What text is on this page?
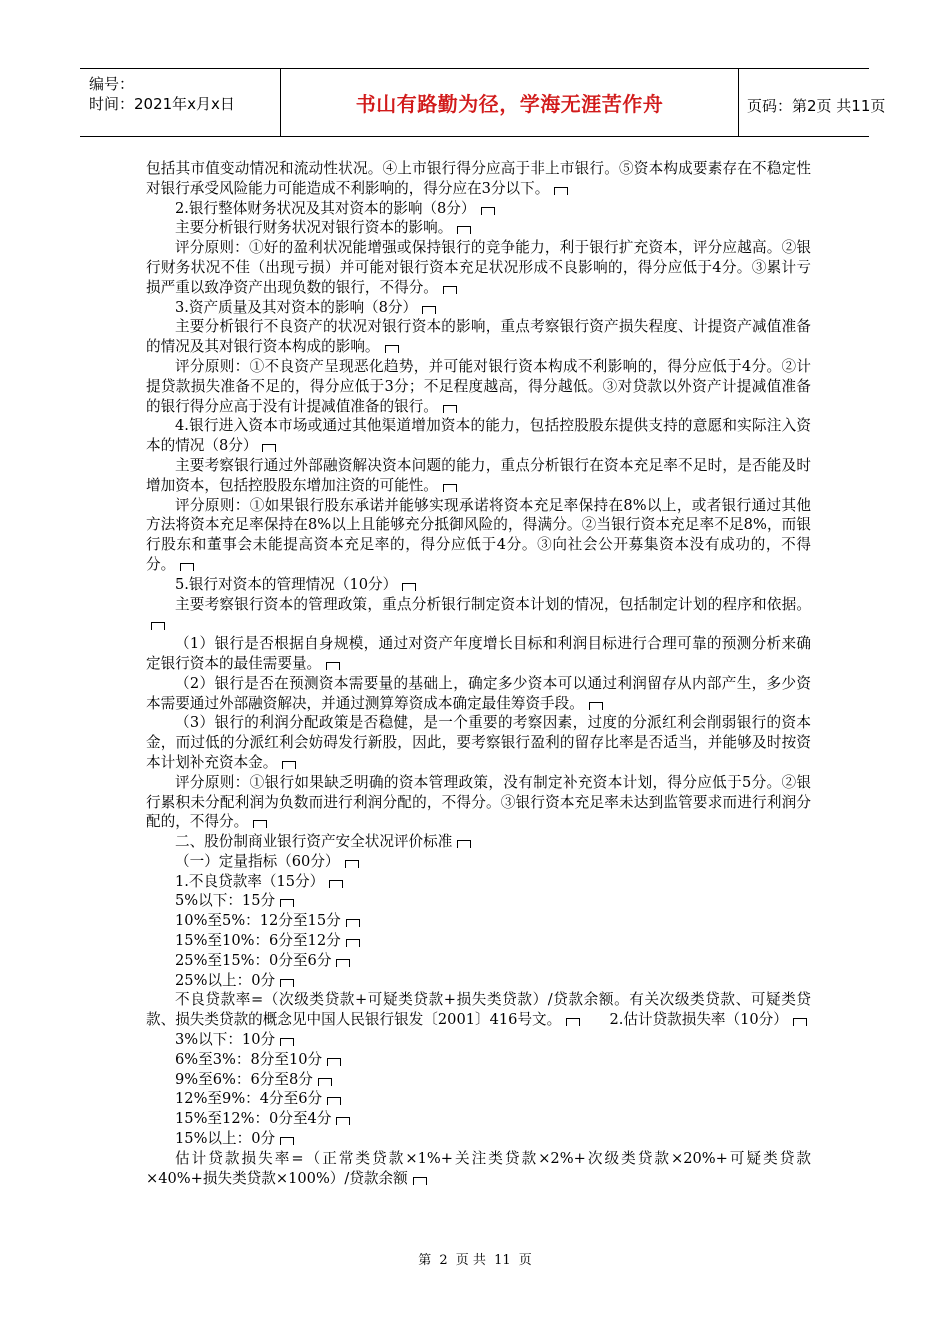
编号：
时间：2021年x月x日	书山有路勤为径，学海无涯苦作舟	页码：第2页 共11页

包括其市值变动情况和流动性状况。④上市银行得分应高于非上市银行。⑤资本构成要素存在不稳定性对银行承受风险能力可能造成不利影响的，得分应在3分以下。

2.银行整体财务状况及其对资本的影响（8分）

主要分析银行财务状况对银行资本的影响。

评分原则：①好的盈利状况能增强或保持银行的竞争能力，利于银行扩充资本，评分应越高。②银行财务状况不佳（出现亏损）并可能对银行资本充足状况形成不良影响的，得分应低于4分。③累计亏损严重以致净资产出现负数的银行，不得分。

3.资产质量及其对资本的影响（8分）

主要分析银行不良资产的状况对银行资本的影响，重点考察银行资产损失程度、计提资产减值准备的情况及其对银行资本构成的影响。

评分原则：①不良资产呈现恶化趋势，并可能对银行资本构成不利影响的，得分应低于4分。②计提贷款损失准备不足的，得分应低于3分；不足程度越高，得分越低。③对贷款以外资产计提减值准备的银行得分应高于没有计提减值准备的银行。

4.银行进入资本市场或通过其他渠道增加资本的能力，包括控股股东提供支持的意愿和实际注入资本的情况（8分）

主要考察银行通过外部融资解决资本问题的能力，重点分析银行在资本充足率不足时，是否能及时增加资本，包括控股股东增加注资的可能性。

评分原则：①如果银行股东承诺并能够实现承诺将资本充足率保持在8%以上，或者银行通过其他方法将资本充足率保持在8%以上且能够充分抵御风险的，得满分。②当银行资本充足率不足8%，而银行股东和董事会未能提高资本充足率的，得分应低于4分。③向社会公开募集资本没有成功的，不得分。

5.银行对资本的管理情况（10分）

主要考察银行资本的管理政策，重点分析银行制定资本计划的情况，包括制定计划的程序和依据。

（1）银行是否根据自身规模，通过对资产年度增长目标和利润目标进行合理可靠的预测分析来确定银行资本的最佳需要量。

（2）银行是否在预测资本需要量的基础上，确定多少资本可以通过利润留存从内部产生，多少资本需要通过外部融资解决，并通过测算筹资成本确定最佳筹资手段。

（3）银行的利润分配政策是否稳健，是一个重要的考察因素，过度的分派红利会削弱银行的资本金，而过低的分派红利会妨碍发行新股，因此，要考察银行盈利的留存比率是否适当，并能够及时按资本计划补充资本金。

评分原则：①银行如果缺乏明确的资本管理政策，没有制定补充资本计划，得分应低于5分。②银行累积未分配利润为负数而进行利润分配的，不得分。③银行资本充足率未达到监管要求而进行利润分配的，不得分。

二、股份制商业银行资产安全状况评价标准

（一）定量指标（60分）

1.不良贷款率（15分）

5%以下：15分

10%至5%：12分至15分

15%至10%：6分至12分

25%至15%：0分至6分

25%以上：0分

不良贷款率=（次级类贷款+可疑类贷款+损失类贷款）/贷款余额。有关次级类贷款、可疑类贷款、损失类贷款的概念见中国人民银行银发〔2001〕416号文。　　2.估计贷款损失率（10分）

3%以下：10分

6%至3%：8分至10分

9%至6%：6分至8分

12%至9%：4分至6分

15%至12%：0分至4分

15%以上：0分

估计贷款损失率=（正常类贷款×1%+关注类贷款×2%+次级类贷款×20%+可疑类贷款×40%+损失类贷款×100%）/贷款余额

第 2 页 共 11 页
